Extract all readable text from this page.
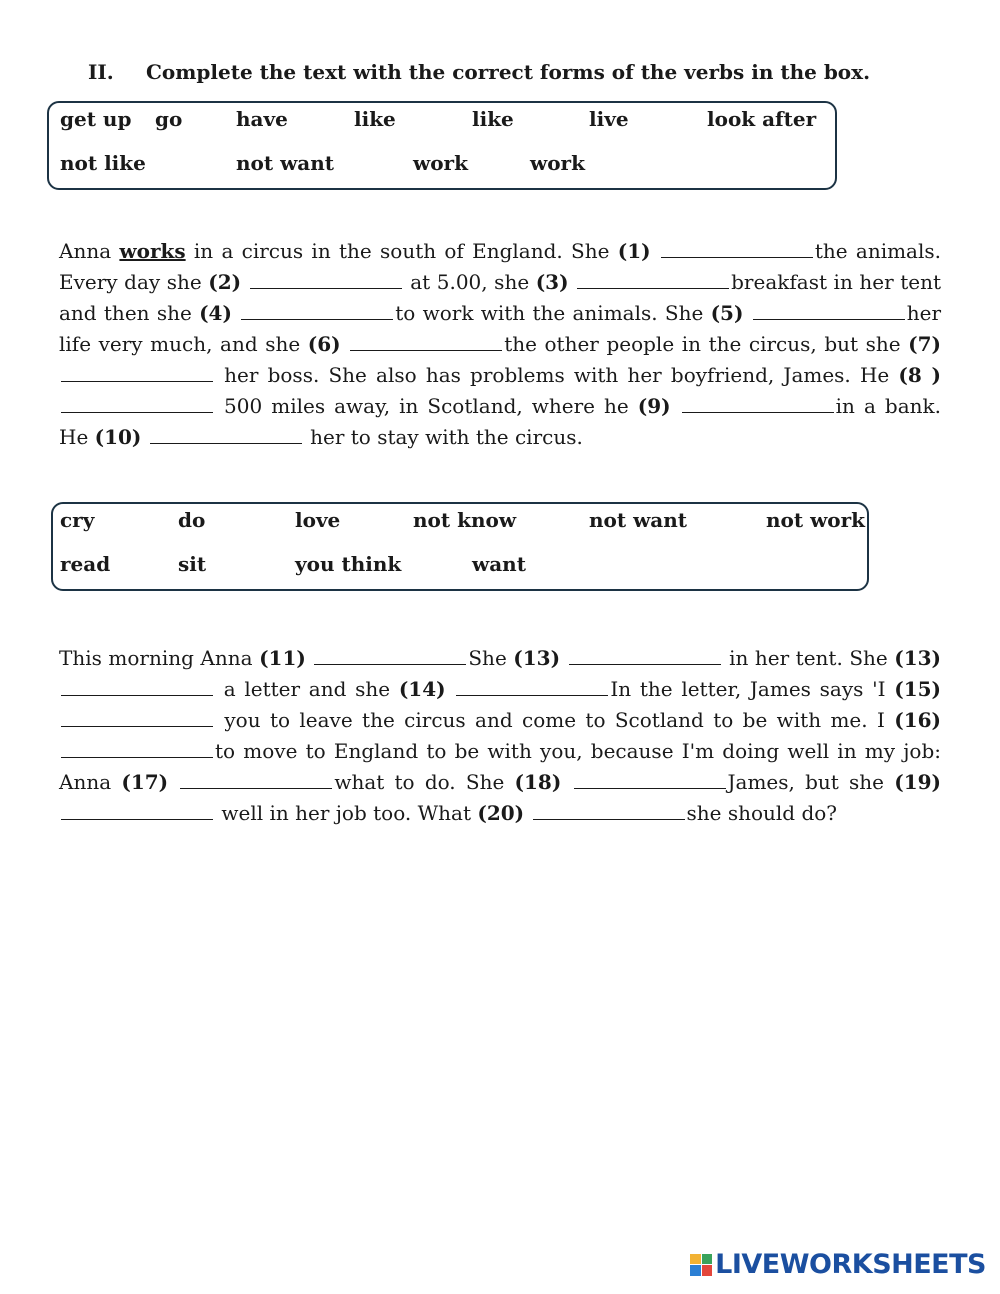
II. Complete the text with the correct forms of the verbs in the box.
get up go	have	like	like	live	look after
not like	not want	work	work

Anna works in a circus in the south of England. She (1)	the animals. Every day she (2)	at 5.00, she (3)	breakfast in her tent and then she (4)	to work with the animals. She (5)	her life very much, and she (6)	the other people in the circus, but she (7) her boss. She also has problems with her boyfriend, James. He (8 )  500 miles away, in Scotland, where he (9)	in a bank. He (10)	her to stay with the circus.

cry	do	love	not know	not want	not work
read	sit	you think	want

This morning Anna (11)	She (13)	in her tent. She (13) a letter and she (14)	In the letter, James says 'I (15) you to leave the circus and come to Scotland to be with me. I (16)to move to England to be with you, because I'm doing well in my job: Anna (17)	what to do. She (18)	James, but she (19) well in her job too. What (20)	she should do?

LIVEWORKSHEETS
